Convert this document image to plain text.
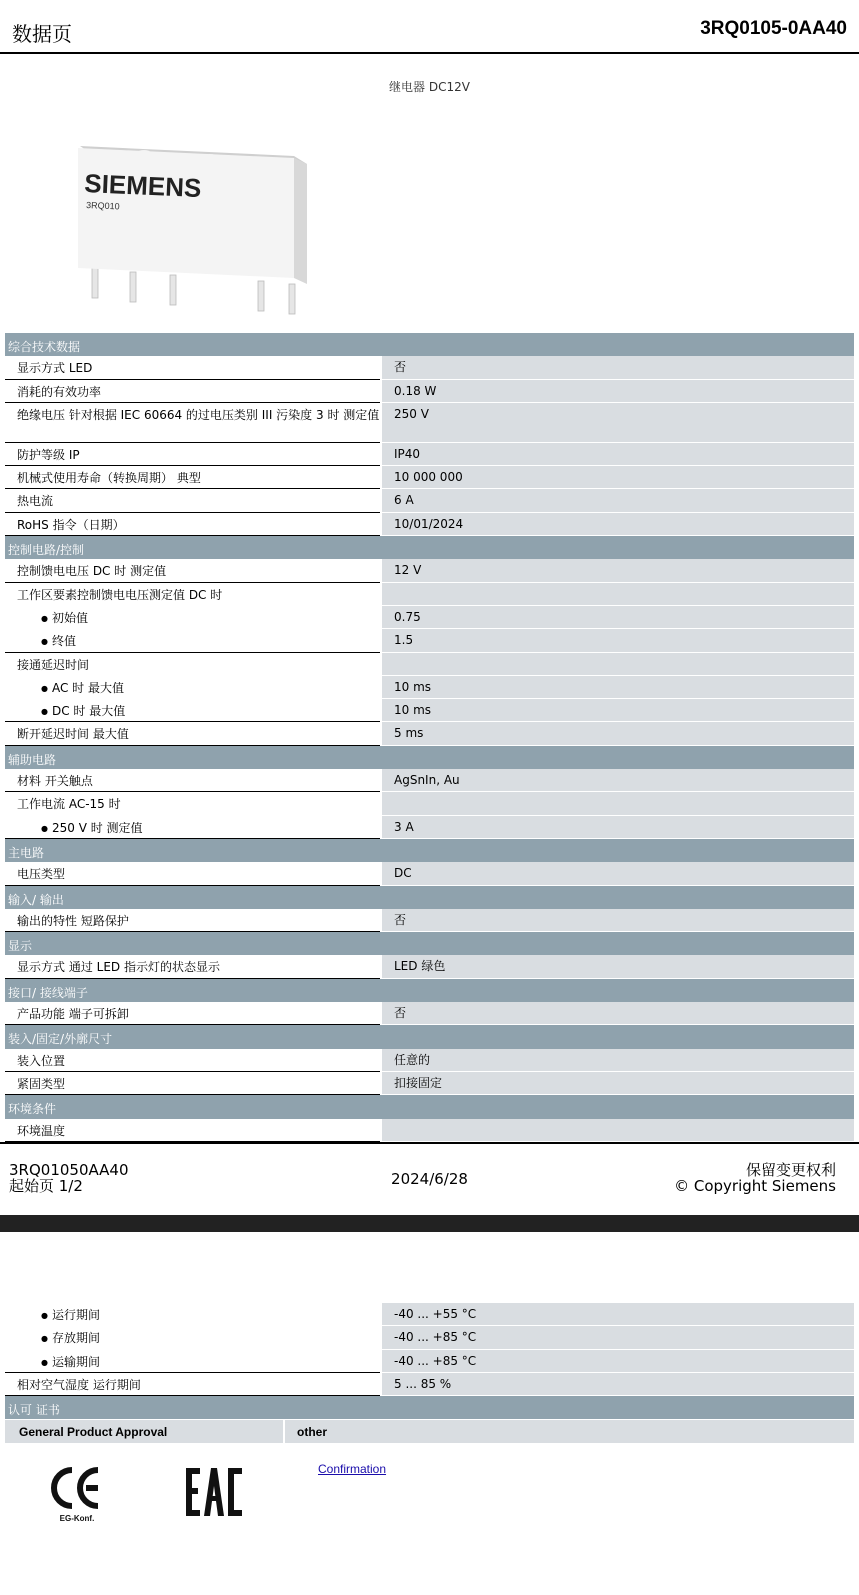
数据页	3RQ0105-0AA40
继电器 DC12V
SIEMENS
3RQ010
综合技术数据
显示方式 LED	否
消耗的有效功率	0.18 W
绝缘电压 针对根据 IEC 60664 的过电压类别 III 污染度 3 时 测定值	250 V
防护等级 IP	IP40
机械式使用寿命（转换周期） 典型	10 000 000
热电流	6 A
RoHS 指令（日期）	10/01/2024
控制电路/控制
控制馈电电压 DC 时 测定值	12 V
工作区要素控制馈电电压测定值 DC 时
● 初始值	0.75
● 终值	1.5
接通延迟时间
● AC 时 最大值	10 ms
● DC 时 最大值	10 ms
断开延迟时间 最大值	5 ms
辅助电路
材料 开关触点	AgSnIn, Au
工作电流 AC-15 时
● 250 V 时 测定值	3 A
主电路
电压类型	DC
输入/ 输出
输出的特性 短路保护	否
显示
显示方式 通过 LED 指示灯的状态显示	LED 绿色
接口/ 接线端子
产品功能 端子可拆卸	否
装入/固定/外廓尺寸
装入位置	任意的
紧固类型	扣接固定
环境条件
环境温度
3RQ01050AA40
起始页 1/2	2024/6/28	保留变更权利
© Copyright Siemens
● 运行期间	-40 ... +55 °C
● 存放期间	-40 ... +85 °C
● 运输期间	-40 ... +85 °C
相对空气湿度 运行期间	5 ... 85 %
认可 证书
General Product Approval	other
EG-Konf.
Confirmation
